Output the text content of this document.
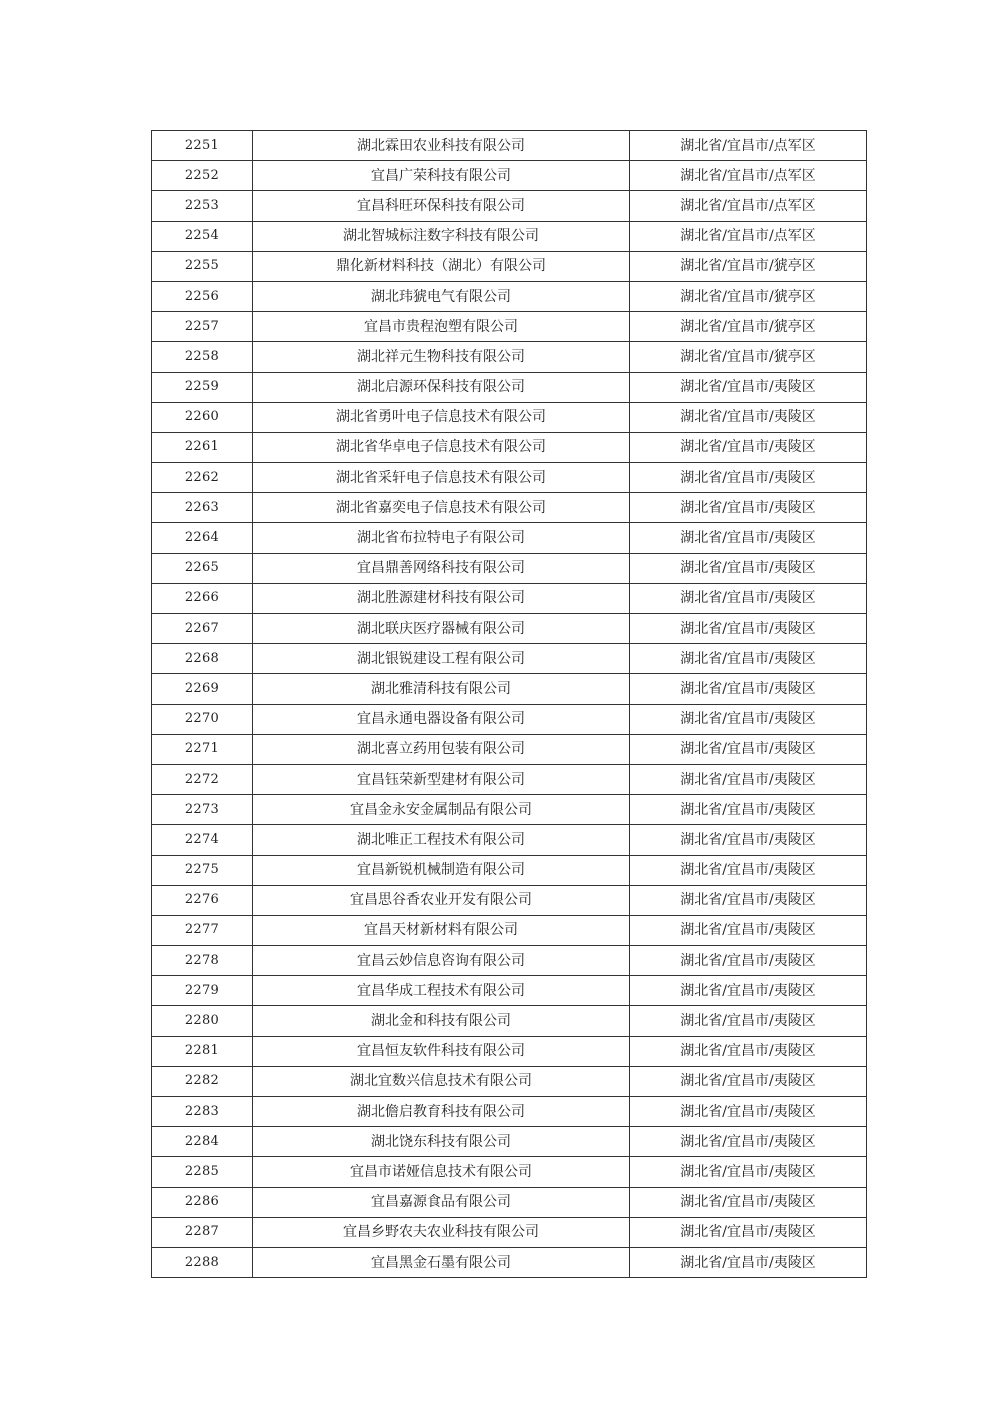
2251	湖北霖田农业科技有限公司	湖北省/宜昌市/点军区
2252	宜昌广荣科技有限公司	湖北省/宜昌市/点军区
2253	宜昌科旺环保科技有限公司	湖北省/宜昌市/点军区
2254	湖北智城标注数字科技有限公司	湖北省/宜昌市/点军区
2255	鼎化新材料科技（湖北）有限公司	湖北省/宜昌市/猇亭区
2256	湖北玮猇电气有限公司	湖北省/宜昌市/猇亭区
2257	宜昌市贵程泡塑有限公司	湖北省/宜昌市/猇亭区
2258	湖北祥元生物科技有限公司	湖北省/宜昌市/猇亭区
2259	湖北启源环保科技有限公司	湖北省/宜昌市/夷陵区
2260	湖北省勇叶电子信息技术有限公司	湖北省/宜昌市/夷陵区
2261	湖北省华卓电子信息技术有限公司	湖北省/宜昌市/夷陵区
2262	湖北省采轩电子信息技术有限公司	湖北省/宜昌市/夷陵区
2263	湖北省嘉奕电子信息技术有限公司	湖北省/宜昌市/夷陵区
2264	湖北省布拉特电子有限公司	湖北省/宜昌市/夷陵区
2265	宜昌鼎善网络科技有限公司	湖北省/宜昌市/夷陵区
2266	湖北胜源建材科技有限公司	湖北省/宜昌市/夷陵区
2267	湖北联庆医疗器械有限公司	湖北省/宜昌市/夷陵区
2268	湖北银锐建设工程有限公司	湖北省/宜昌市/夷陵区
2269	湖北雅清科技有限公司	湖北省/宜昌市/夷陵区
2270	宜昌永通电器设备有限公司	湖北省/宜昌市/夷陵区
2271	湖北喜立药用包装有限公司	湖北省/宜昌市/夷陵区
2272	宜昌钰荣新型建材有限公司	湖北省/宜昌市/夷陵区
2273	宜昌金永安金属制品有限公司	湖北省/宜昌市/夷陵区
2274	湖北唯正工程技术有限公司	湖北省/宜昌市/夷陵区
2275	宜昌新锐机械制造有限公司	湖北省/宜昌市/夷陵区
2276	宜昌思谷香农业开发有限公司	湖北省/宜昌市/夷陵区
2277	宜昌天材新材料有限公司	湖北省/宜昌市/夷陵区
2278	宜昌云妙信息咨询有限公司	湖北省/宜昌市/夷陵区
2279	宜昌华成工程技术有限公司	湖北省/宜昌市/夷陵区
2280	湖北金和科技有限公司	湖北省/宜昌市/夷陵区
2281	宜昌恒友软件科技有限公司	湖北省/宜昌市/夷陵区
2282	湖北宜数兴信息技术有限公司	湖北省/宜昌市/夷陵区
2283	湖北儋启教育科技有限公司	湖北省/宜昌市/夷陵区
2284	湖北饶东科技有限公司	湖北省/宜昌市/夷陵区
2285	宜昌市诺娅信息技术有限公司	湖北省/宜昌市/夷陵区
2286	宜昌嘉源食品有限公司	湖北省/宜昌市/夷陵区
2287	宜昌乡野农夫农业科技有限公司	湖北省/宜昌市/夷陵区
2288	宜昌黑金石墨有限公司	湖北省/宜昌市/夷陵区
